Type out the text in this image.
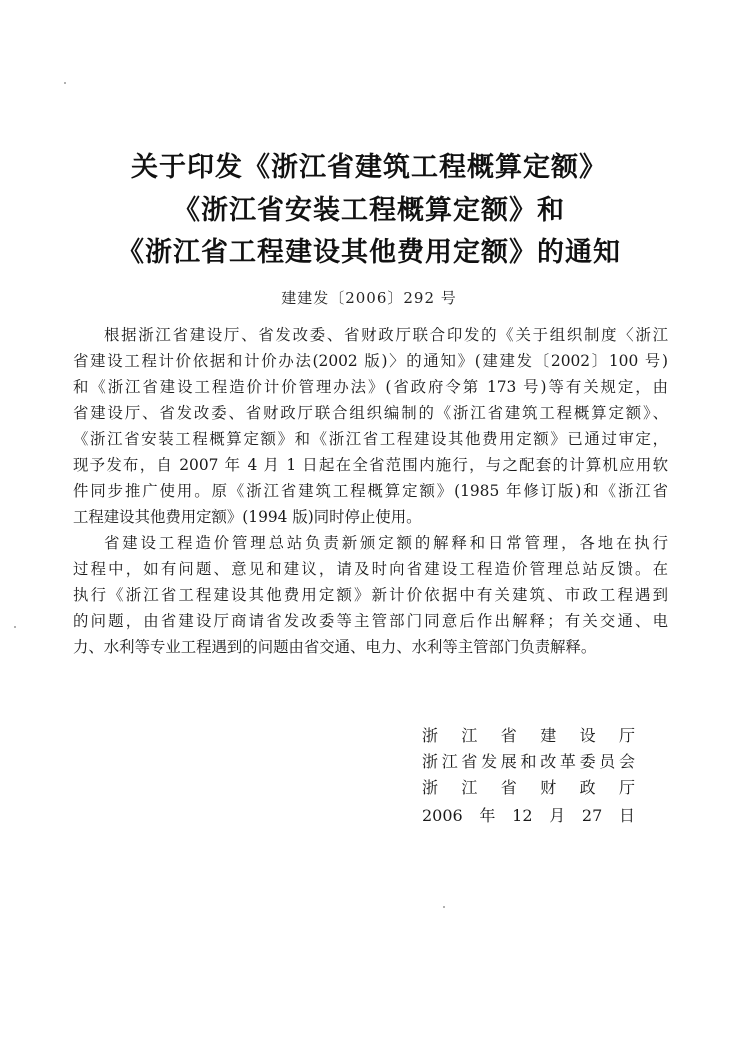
关于印发《浙江省建筑工程概算定额》
《浙江省安装工程概算定额》和
《浙江省工程建设其他费用定额》的通知
建建发〔2006〕292 号
根据浙江省建设厅、省发改委、省财政厅联合印发的《关于组织制度〈浙江
省建设工程计价依据和计价办法(2002 版)〉的通知》(建建发〔2002〕100 号)
和《浙江省建设工程造价计价管理办法》(省政府令第 173 号)等有关规定，由
省建设厅、省发改委、省财政厅联合组织编制的《浙江省建筑工程概算定额》、
《浙江省安装工程概算定额》和《浙江省工程建设其他费用定额》已通过审定，
现予发布，自 2007 年 4 月 1 日起在全省范围内施行，与之配套的计算机应用软
件同步推广使用。原《浙江省建筑工程概算定额》(1985 年修订版)和《浙江省
工程建设其他费用定额》(1994 版)同时停止使用。
省建设工程造价管理总站负责新颁定额的解释和日常管理，各地在执行
过程中，如有问题、意见和建议，请及时向省建设工程造价管理总站反馈。在
执行《浙江省工程建设其他费用定额》新计价依据中有关建筑、市政工程遇到
的问题，由省建设厅商请省发改委等主管部门同意后作出解释；有关交通、电
力、水利等专业工程遇到的问题由省交通、电力、水利等主管部门负责解释。
浙江省建设厅
浙江省发展和改革委员会
浙江省财政厅
2006年12月27日
